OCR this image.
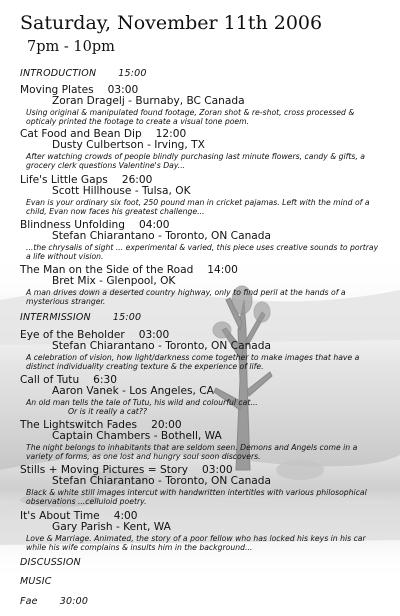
Saturday, November 11th 2006
7pm - 10pm
INTRODUCTION 15:00
Moving Plates 03:00
Zoran Dragelj - Burnaby, BC Canada
Using original & manipulated found footage, Zoran shot & re-shot, cross processed & opticaly printed the footage to create a visual tone poem.
Cat Food and Bean Dip 12:00
Dusty Culbertson - Irving, TX
After watching crowds of people blindly purchasing last minute flowers, candy & gifts, a grocery clerk questions Valentine's Day...
Life's Little Gaps 26:00
Scott Hillhouse - Tulsa, OK
Evan is your ordinary six foot, 250 pound man in cricket pajamas. Left with the mind of a child, Evan now faces his greatest challenge...
Blindness Unfolding 04:00
Stefan Chiarantano - Toronto, ON Canada
...the chrysalis of sight ... experimental & varied, this piece uses creative sounds to portray a life without vision.
The Man on the Side of the Road 14:00
Bret Mix - Glenpool, OK
A man drives down a deserted country highway, only to find peril at the hands of a mysterious stranger.
INTERMISSION 15:00
Eye of the Beholder 03:00
Stefan Chiarantano - Toronto, ON Canada
A celebration of vision, how light/darkness come together to make images that have a distinct individuality creating texture & the experience of life.
Call of Tutu 6:30
Aaron Vanek - Los Angeles, CA
An old man tells the tale of Tutu, his wild and colourful cat...
Or is it really a cat??
The Lightswitch Fades 20:00
Captain Chambers - Bothell, WA
The night belongs to inhabitants that are seldom seen. Demons and Angels come in a variety of forms, as one lost and hungry soul soon discovers.
Stills + Moving Pictures = Story 03:00
Stefan Chiarantano - Toronto, ON Canada
Black & white still images intercut with handwritten intertitles with various philosophical observations ...celluloid poetry.
It's About Time 4:00
Gary Parish - Kent, WA
Love & Marriage. Animated, the story of a poor fellow who has locked his keys in his car while his wife complains & insults him in the background...
DISCUSSION
MUSIC
Fae 30:00
